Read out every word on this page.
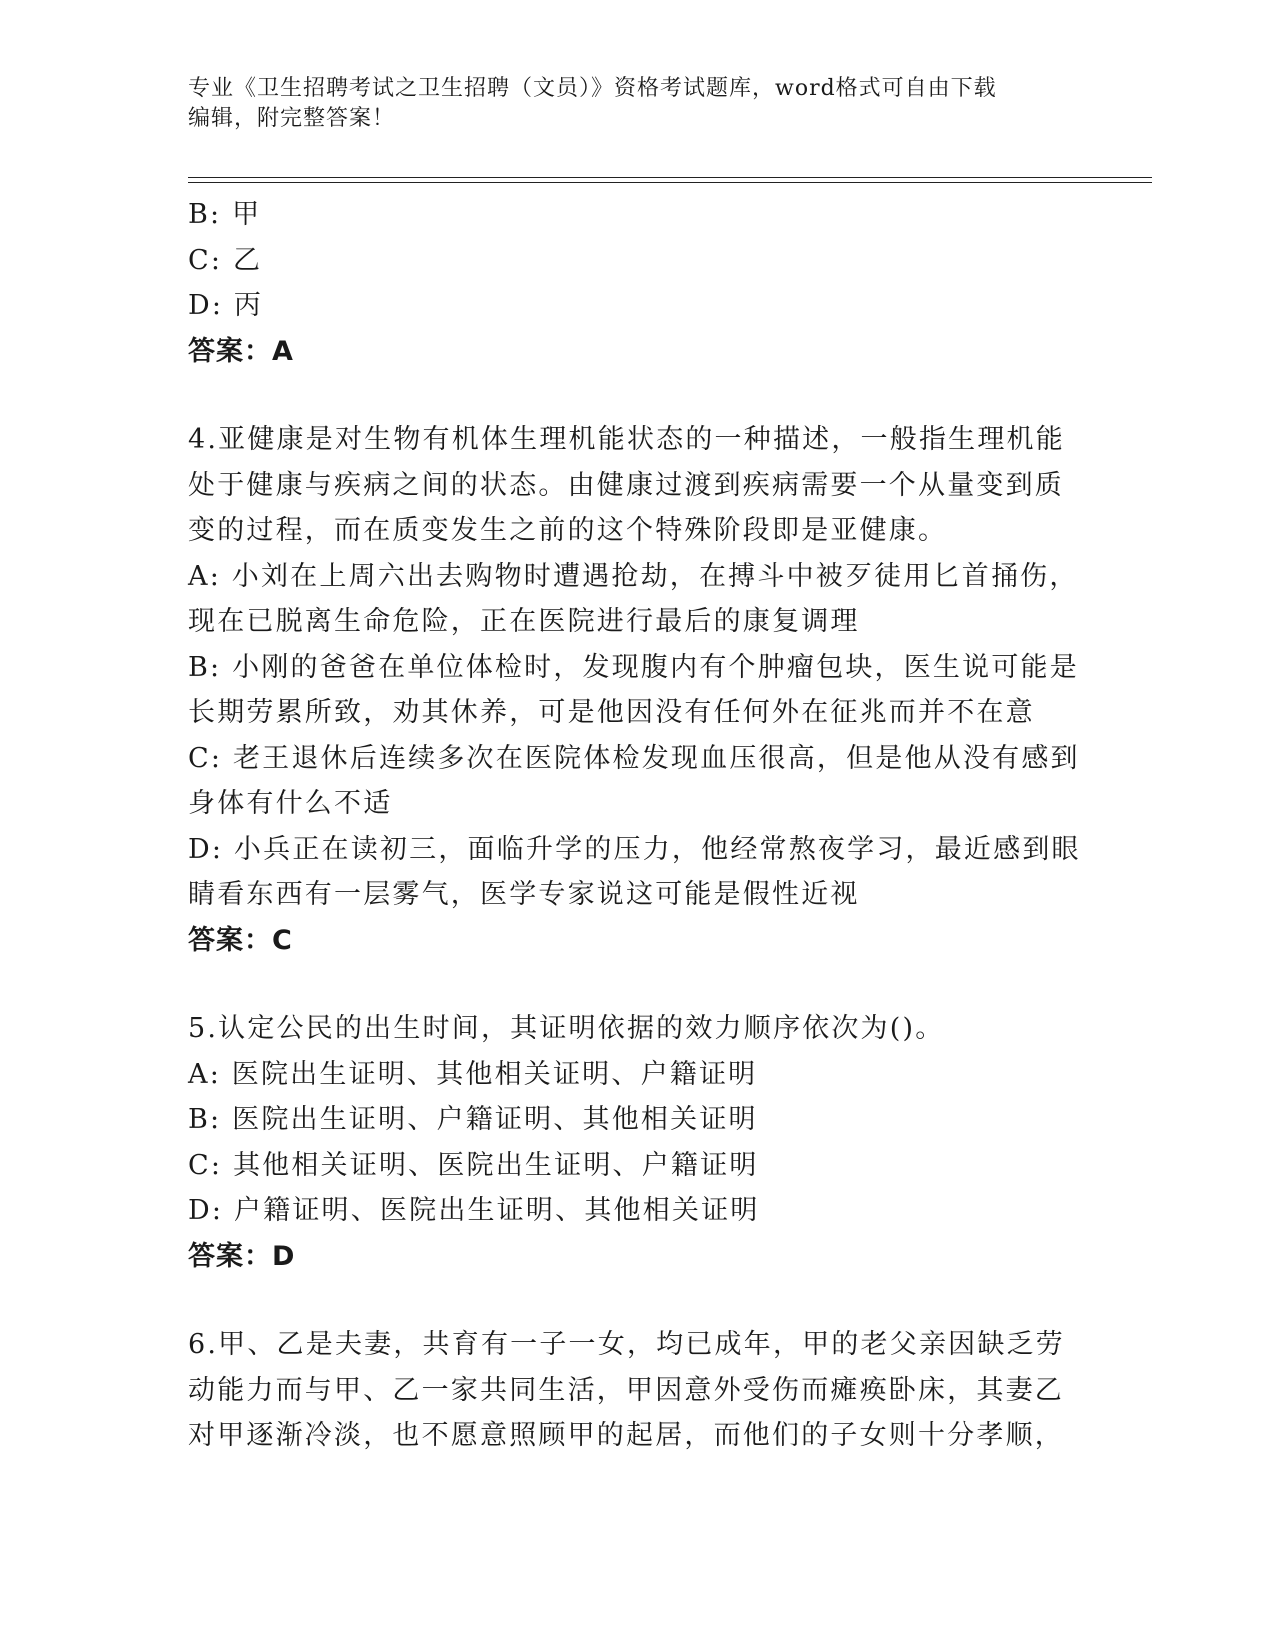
专业《卫生招聘考试之卫生招聘（文员）》资格考试题库，word格式可自由下载
编辑，附完整答案！
B: 甲
C: 乙
D: 丙
答案：A
4.亚健康是对生物有机体生理机能状态的一种描述，一般指生理机能
处于健康与疾病之间的状态。由健康过渡到疾病需要一个从量变到质
变的过程，而在质变发生之前的这个特殊阶段即是亚健康。
A: 小刘在上周六出去购物时遭遇抢劫，在搏斗中被歹徒用匕首捅伤，
现在已脱离生命危险，正在医院进行最后的康复调理
B: 小刚的爸爸在单位体检时，发现腹内有个肿瘤包块，医生说可能是
长期劳累所致，劝其休养，可是他因没有任何外在征兆而并不在意
C: 老王退休后连续多次在医院体检发现血压很高，但是他从没有感到
身体有什么不适
D: 小兵正在读初三，面临升学的压力，他经常熬夜学习，最近感到眼
睛看东西有一层雾气，医学专家说这可能是假性近视
答案：C
5.认定公民的出生时间，其证明依据的效力顺序依次为()。
A: 医院出生证明、其他相关证明、户籍证明
B: 医院出生证明、户籍证明、其他相关证明
C: 其他相关证明、医院出生证明、户籍证明
D: 户籍证明、医院出生证明、其他相关证明
答案：D
6.甲、乙是夫妻，共育有一子一女，均已成年，甲的老父亲因缺乏劳
动能力而与甲、乙一家共同生活，甲因意外受伤而瘫痪卧床，其妻乙
对甲逐渐冷淡，也不愿意照顾甲的起居，而他们的子女则十分孝顺，
